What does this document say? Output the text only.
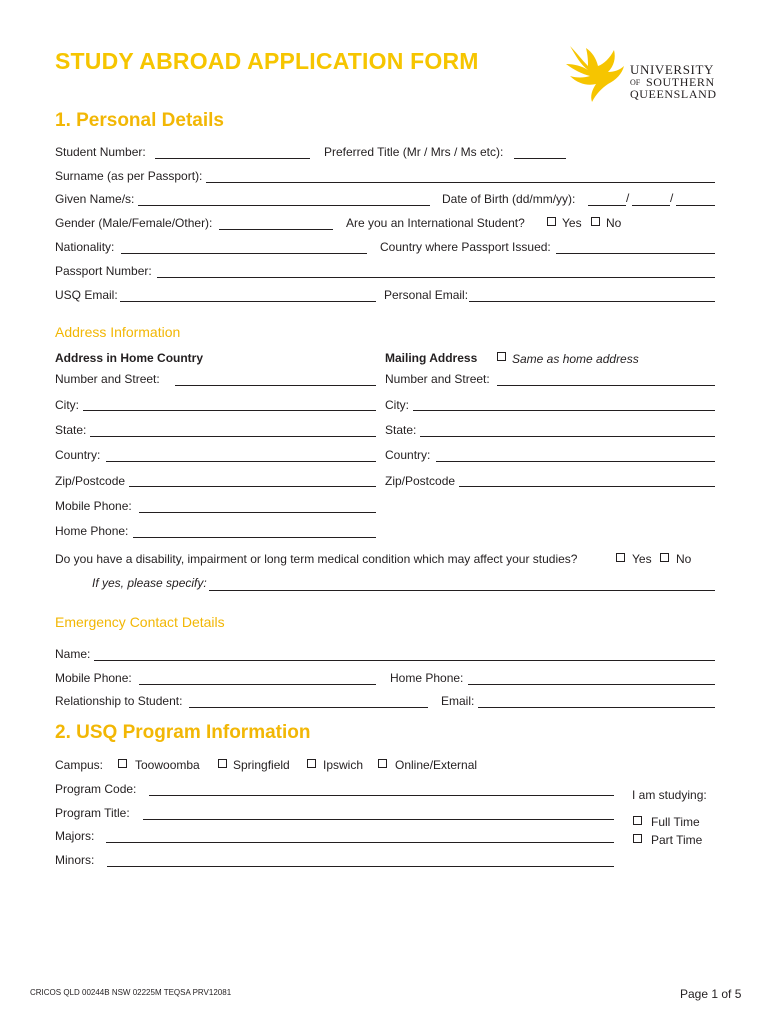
STUDY ABROAD APPLICATION FORM	UNIVERSITY
OF SOUTHERN
QUEENSLAND
1. Personal Details
Student Number:	Preferred Title (Mr / Mrs / Ms etc):
Surname (as per Passport):
Given Name/s:	Date of Birth (dd/mm/yy):	/	/
Gender (Male/Female/Other):	Are you an International Student?	Yes No
Nationality:	Country where Passport Issued:
Passport Number:
USQ Email:	Personal Email:
Address Information
Address in Home Country	Mailing Address	Same as home address
Number and Street:	Number and Street:
City:	City:
State:	State:
Country:	Country:
Zip/Postcode	Zip/Postcode
Mobile Phone:
Home Phone:
Do you have a disability, impairment or long term medical condition which may affect your studies?	Yes No
If yes, please specify:
Emergency Contact Details
Name:
Mobile Phone:	Home Phone:
Relationship to Student:	Email:
2. USQ Program Information
Campus:	Toowoomba	Springfield	Ipswich	Online/External
Program Code:
Program Title:
Majors:
Minors:
I am studying:
Full Time
Part Time
CRICOS QLD 00244B NSW 02225M TEQSA PRV12081	Page 1 of 5
